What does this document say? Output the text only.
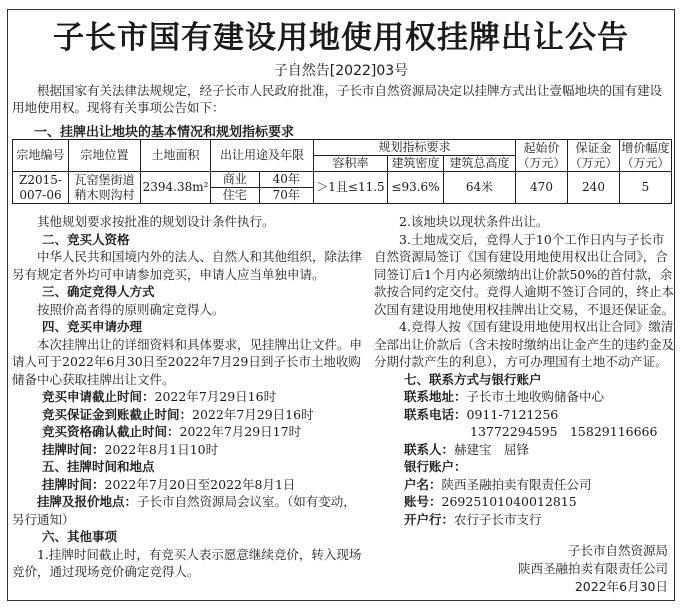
子长市国有建设用地使用权挂牌出让公告
子自然告[2022]03号
根据国家有关法律法规规定，经子长市人民政府批准，子长市自然资源局决定以挂牌方式出让壹幅地块的国有建设用地使用权。现将有关事项公告如下：
一、挂牌出让地块的基本情况和规划指标要求
宗地编号	宗地位置	土地面积	出让用途及年限		规划指标要求			起始价（万元）	保证金（万元）	增价幅度（万元）
					容积率	建筑密度	建筑总高度			
Z2015-007-06	瓦窑堡街道稍木则沟村	2394.38m²	商业	40年	＞1且≤11.5	≤93.6%	64米	470	240	5
			住宅	70年						
其他规划要求按批准的规划设计条件执行。
二、竞买人资格
中华人民共和国境内外的法人、自然人和其他组织，除法律另有规定者外均可申请参加竞买，申请人应当单独申请。
三、确定竞得人方式
按照价高者得的原则确定竞得人。
四、竞买申请办理
本次挂牌出让的详细资料和具体要求，见挂牌出让文件。申请人可于2022年6月30日至2022年7月29日到子长市土地收购储备中心获取挂牌出让文件。
竞买申请截止时间：2022年7月29日16时
竞买保证金到账截止时间：2022年7月29日16时
竞买资格确认截止时间：2022年7月29日17时
挂牌时间：2022年8月1日10时
五、挂牌时间和地点
挂牌时间：2022年7月20日至2022年8月1日
挂牌及报价地点：子长市自然资源局会议室。（如有变动，另行通知）
六、其他事项
1.挂牌时间截止时，有竞买人表示愿意继续竞价，转入现场竞价，通过现场竞价确定竞得人。
2.该地块以现状条件出让。
3.土地成交后，竞得人于10个工作日内与子长市自然资源局签订《国有建设用地使用权出让合同》，合同签订后1个月内必须缴纳出让价款50%的首付款，余款按合同约定交付。竞得人逾期不签订合同的，终止本次国有建设用地使用权挂牌出让交易，不退还保证金。
4.竞得人按《国有建设用地使用权出让合同》缴清全部出让价款后（含未按时缴纳出让金产生的违约金及分期付款产生的利息），方可办理国有土地不动产证。
七、联系方式与银行账户
联系地址：子长市土地收购储备中心
联系电话：0911-7121256
13772294595　15829116666
联系人：赫建宝　屈锋
银行账户：
户名：陕西圣融拍卖有限责任公司
账号：26925101040012815
开户行：农行子长市支行
子长市自然资源局
陕西圣融拍卖有限责任公司
2022年6月30日
